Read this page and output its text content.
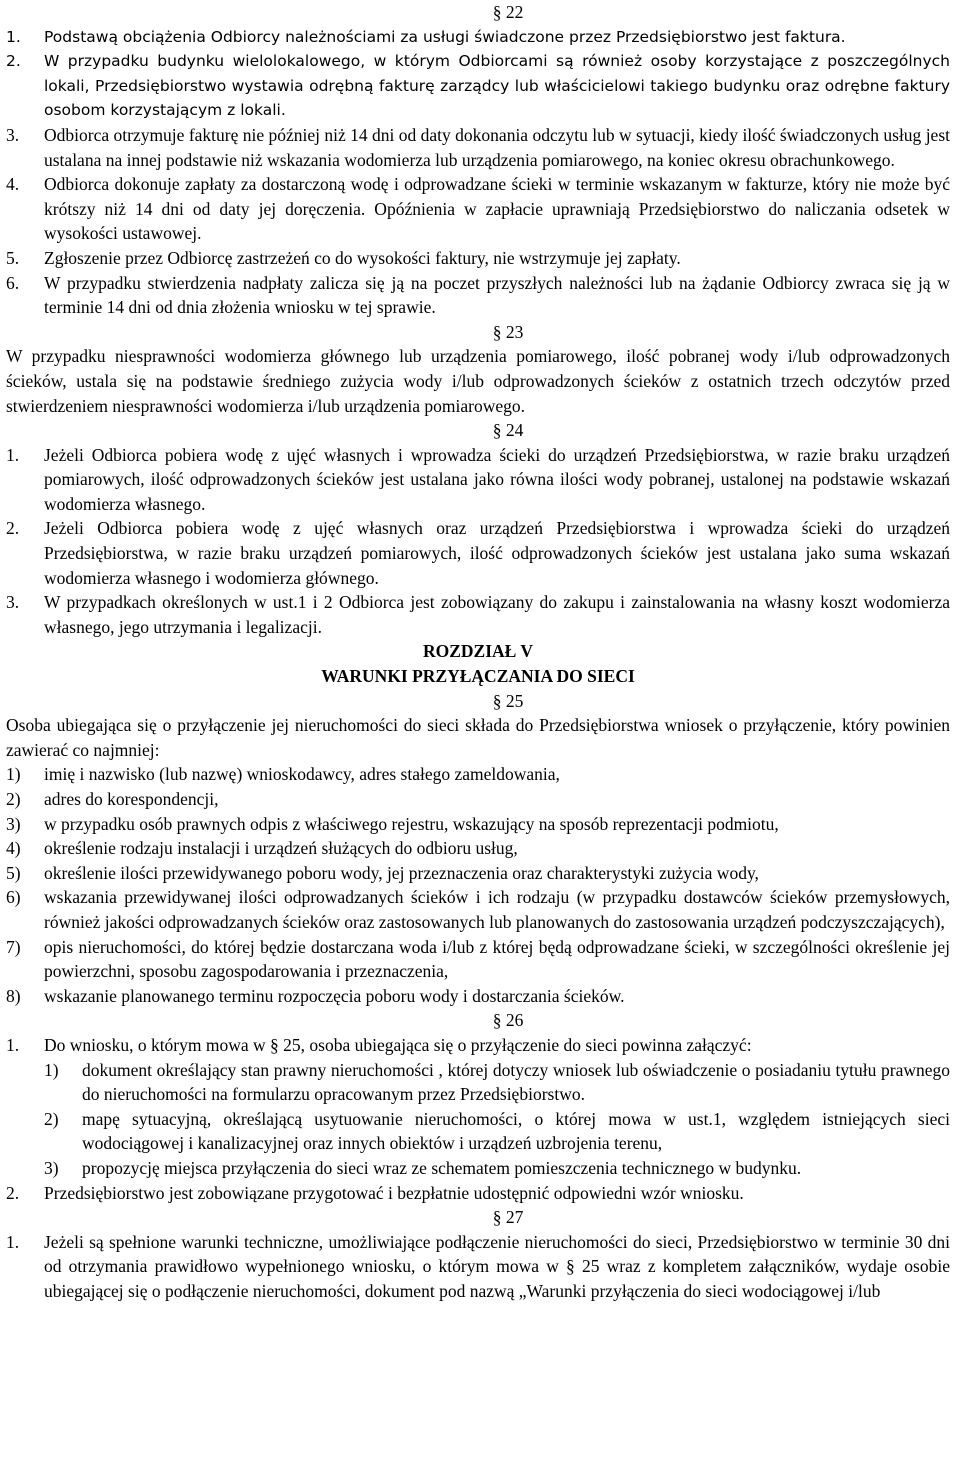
§ 22
1.	Podstawą obciążenia Odbiorcy należnościami za usługi świadczone przez Przedsiębiorstwo jest faktura.
2.	W przypadku budynku wielolokalowego, w którym Odbiorcami są również osoby korzystające z poszczególnych lokali, Przedsiębiorstwo wystawia odrębną fakturę zarządcy lub właścicielowi takiego budynku oraz odrębne faktury osobom korzystającym z lokali.
3.	Odbiorca otrzymuje fakturę nie później niż 14 dni od daty dokonania odczytu lub w sytuacji, kiedy ilość świadczonych usług jest ustalana na innej podstawie niż wskazania wodomierza lub urządzenia pomiarowego, na koniec okresu obrachunkowego.
4.	Odbiorca dokonuje zapłaty za dostarczoną wodę i odprowadzane ścieki w terminie wskazanym w fakturze, który nie może być krótszy niż 14 dni od daty jej doręczenia. Opóźnienia w zapłacie uprawniają Przedsiębiorstwo do naliczania odsetek w wysokości ustawowej.
5.	Zgłoszenie przez Odbiorcę zastrzeżeń co do wysokości faktury, nie wstrzymuje jej zapłaty.
6.	W przypadku stwierdzenia nadpłaty zalicza się ją na poczet przyszłych należności lub na żądanie Odbiorcy zwraca się ją w terminie 14 dni od dnia złożenia wniosku w tej sprawie.
§ 23
W przypadku niesprawności wodomierza głównego lub urządzenia pomiarowego, ilość pobranej wody i/lub odprowadzonych ścieków, ustala się na podstawie średniego zużycia wody i/lub odprowadzonych ścieków z ostatnich trzech odczytów przed stwierdzeniem niesprawności wodomierza i/lub urządzenia pomiarowego.
§ 24
1.	Jeżeli Odbiorca pobiera wodę z ujęć własnych i wprowadza ścieki do urządzeń Przedsiębiorstwa, w razie braku urządzeń pomiarowych, ilość odprowadzonych ścieków jest ustalana jako równa ilości wody pobranej, ustalonej na podstawie wskazań wodomierza własnego.
2.	Jeżeli Odbiorca pobiera wodę z ujęć własnych oraz urządzeń Przedsiębiorstwa i wprowadza ścieki do urządzeń Przedsiębiorstwa, w razie braku urządzeń pomiarowych, ilość odprowadzonych ścieków jest ustalana jako suma wskazań wodomierza własnego i wodomierza głównego.
3.	W przypadkach określonych w ust.1 i 2 Odbiorca jest zobowiązany do zakupu i zainstalowania na własny koszt wodomierza własnego, jego utrzymania i legalizacji.
ROZDZIAŁ V
WARUNKI PRZYŁĄCZANIA DO SIECI
§ 25
Osoba ubiegająca się o przyłączenie jej nieruchomości do sieci składa do Przedsiębiorstwa wniosek o przyłączenie, który powinien zawierać co najmniej:
1)	imię i nazwisko (lub nazwę) wnioskodawcy, adres stałego zameldowania,
2)	adres do korespondencji,
3)	w przypadku osób prawnych odpis z właściwego rejestru, wskazujący na sposób reprezentacji podmiotu,
4)	określenie rodzaju instalacji i urządzeń służących do odbioru usług,
5)	określenie ilości przewidywanego poboru wody, jej przeznaczenia oraz charakterystyki zużycia wody,
6)	wskazania przewidywanej ilości odprowadzanych ścieków i ich rodzaju (w przypadku dostawców ścieków przemysłowych, również jakości odprowadzanych ścieków oraz zastosowanych lub planowanych do zastosowania urządzeń podczyszczających),
7)	opis nieruchomości, do której będzie dostarczana woda i/lub z której będą odprowadzane ścieki, w szczególności określenie jej powierzchni, sposobu zagospodarowania i przeznaczenia,
8)	wskazanie planowanego terminu rozpoczęcia poboru wody i dostarczania ścieków.
§ 26
1.	Do wniosku, o którym mowa w § 25, osoba ubiegająca się o przyłączenie do sieci powinna załączyć:
1)	dokument określający stan prawny nieruchomości , której dotyczy wniosek lub oświadczenie o posiadaniu tytułu prawnego do nieruchomości na formularzu opracowanym przez Przedsiębiorstwo.
2)	mapę sytuacyjną, określającą usytuowanie nieruchomości, o której mowa w ust.1, względem istniejących sieci wodociągowej i kanalizacyjnej oraz innych obiektów i urządzeń uzbrojenia terenu,
3)	propozycję miejsca przyłączenia do sieci wraz ze schematem pomieszczenia technicznego w budynku.
2.	Przedsiębiorstwo jest zobowiązane przygotować i bezpłatnie udostępnić odpowiedni wzór wniosku.
§ 27
1.	Jeżeli są spełnione warunki techniczne, umożliwiające podłączenie nieruchomości do sieci, Przedsiębiorstwo w terminie 30 dni od otrzymania prawidłowo wypełnionego wniosku, o którym mowa w § 25 wraz z kompletem załączników, wydaje osobie ubiegającej się o podłączenie nieruchomości, dokument pod nazwą „Warunki przyłączenia do sieci wodociągowej i/lub
